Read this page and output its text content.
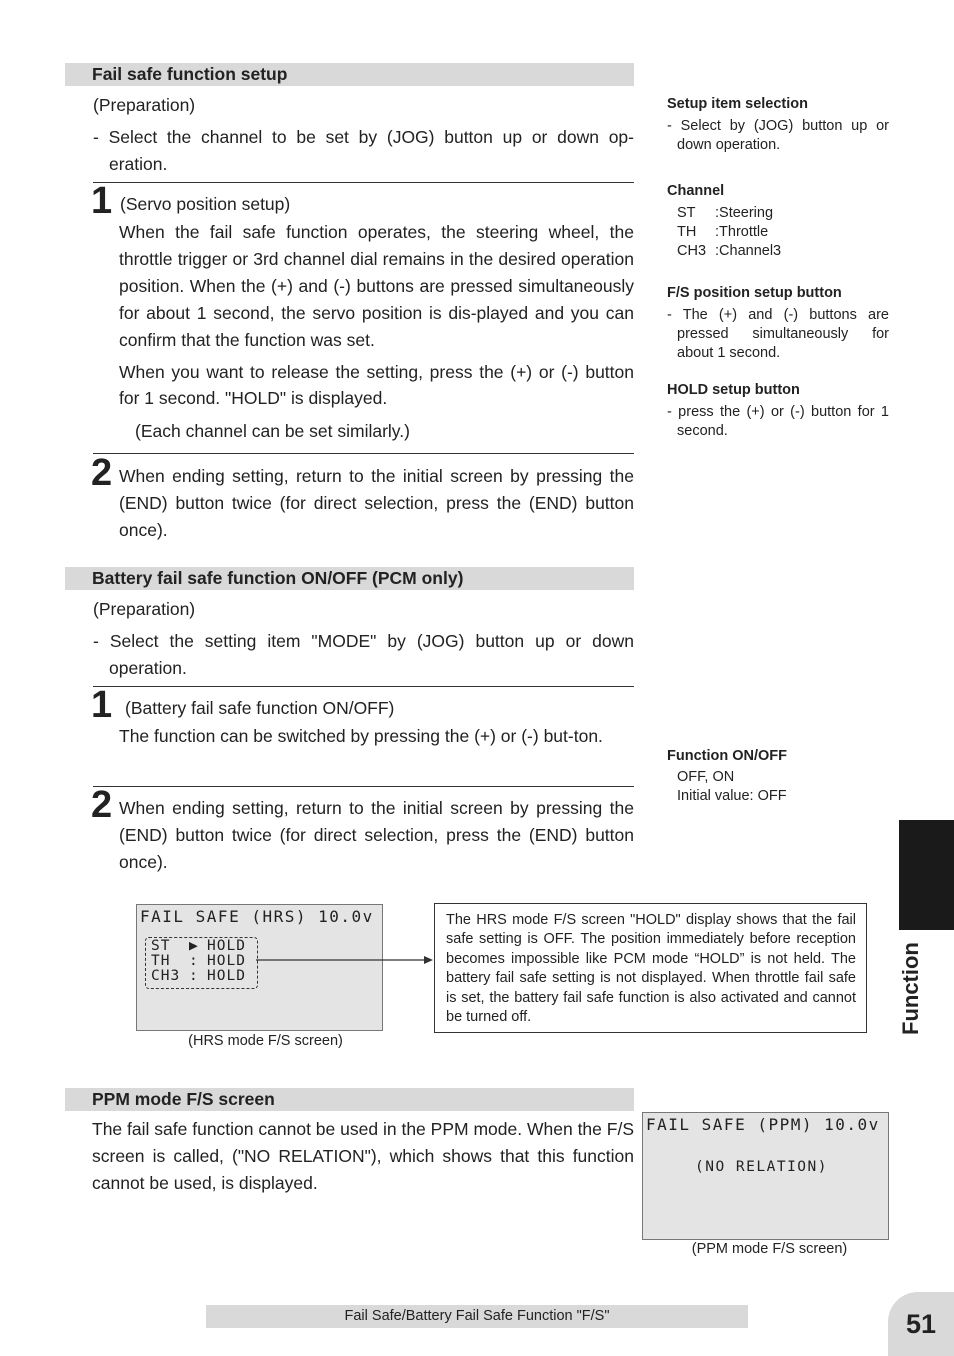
Fail safe function setup
(Preparation)
- Select the channel to be set by (JOG) button up or down op-
eration.
1 (Servo position setup)
When the fail safe function operates, the steering wheel, the throttle trigger or 3rd channel dial remains in the desired operation position. When the (+) and (-) buttons are pressed simultaneously for about 1 second, the servo position is dis-played and you can confirm that the function was set.
When you want to release the setting, press the (+) or (-) button for 1 second. "HOLD" is displayed.
(Each channel can be set similarly.)
2 When ending setting, return to the initial screen by pressing the (END) button twice (for direct selection, press the (END) button once).
Battery fail safe function ON/OFF (PCM only)
(Preparation)
- Select the setting item "MODE" by (JOG) button up or down
operation.
1 (Battery fail safe function ON/OFF)
The function can be switched by pressing the (+) or (-) but-ton.
2 When ending setting, return to the initial screen by pressing the (END) button twice (for direct selection, press the (END) button once).
Setup item selection
- Select by (JOG) button up or down operation.
Channel
ST :Steering
TH :Throttle
CH3 :Channel3
F/S position setup button
- The (+) and (-) buttons are pressed simultaneously for about 1 second.
HOLD setup button
- press the (+) or (-) button for 1 second.
Function ON/OFF
OFF, ON
Initial value: OFF
FAIL SAFE (HRS) 10.0v
ST ▶ HOLD
TH : HOLD
CH3 : HOLD
(HRS mode F/S screen)
The HRS mode F/S screen "HOLD" display shows that the fail safe setting is OFF. The position immediately before reception becomes impossible like PCM mode “HOLD” is not held. The battery fail safe setting is not displayed. When throttle fail safe is set, the battery fail safe function is also activated and cannot be turned off.
PPM mode F/S screen
The fail safe function cannot be used in the PPM mode. When the F/S screen is called, ("NO RELATION"), which shows that this function cannot be used, is displayed.
FAIL SAFE (PPM) 10.0v
(NO RELATION)
(PPM mode F/S screen)
Function
Fail Safe/Battery Fail Safe Function "F/S"	51
